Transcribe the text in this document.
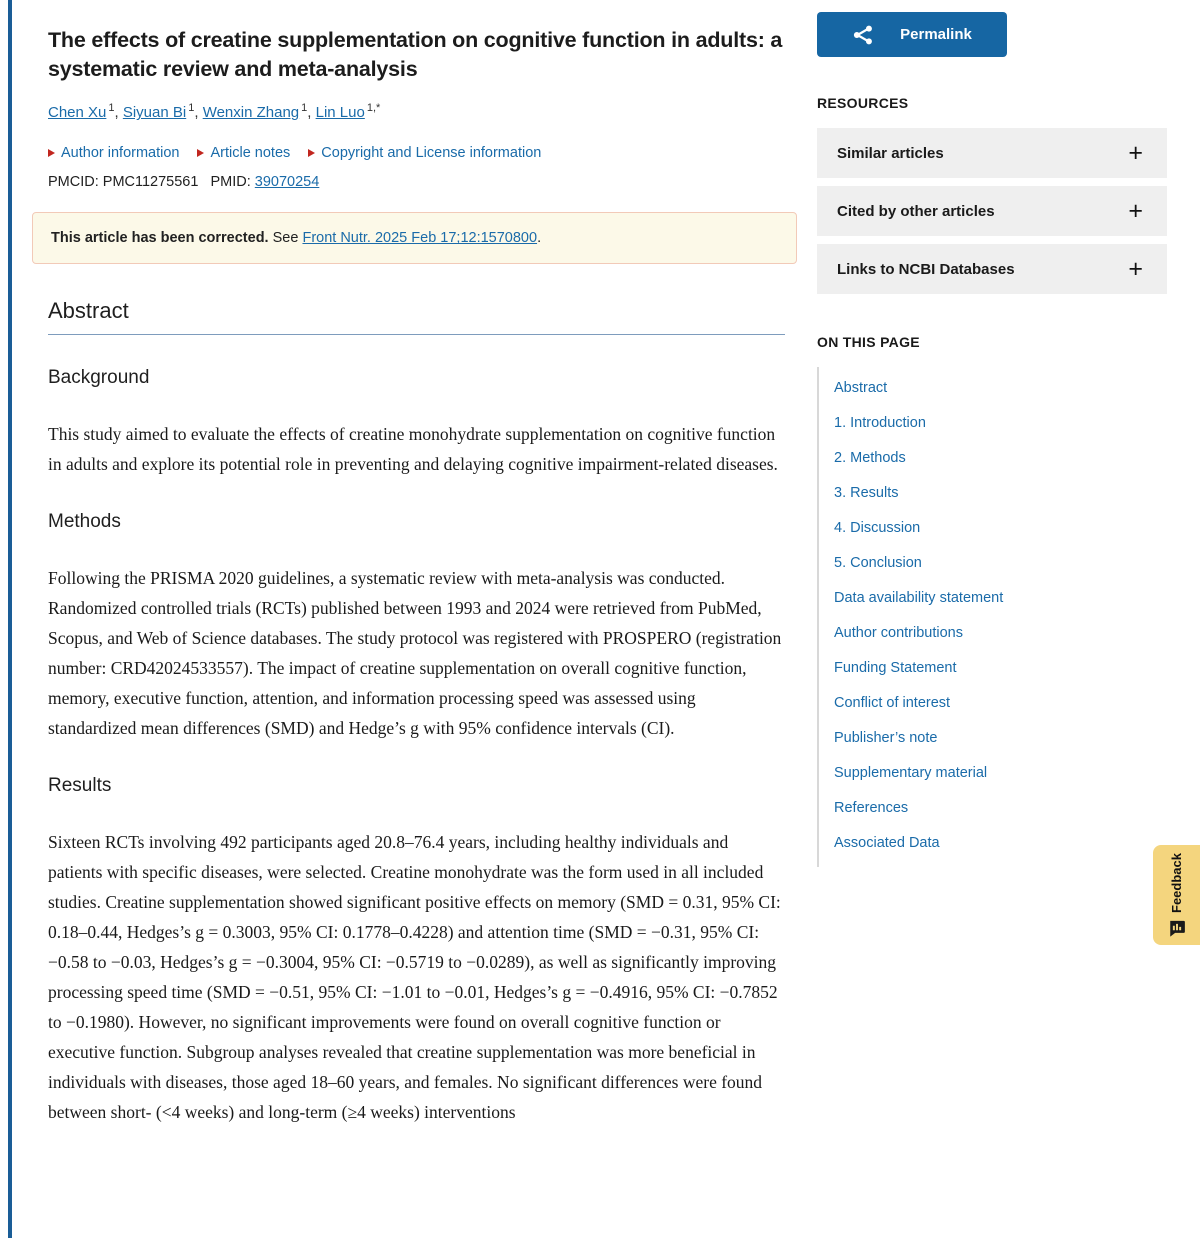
The effects of creatine supplementation on cognitive function in adults: a systematic review and meta-analysis
Chen Xu $^1$, Siyuan Bi $^1$, Wenxin Zhang $^1$, Lin Luo $^{1,*}$
Author information Article notes Copyright and License information
PMCID: PMC11275561 PMID: 39070254
This article has been corrected. See Front Nutr. 2025 Feb 17;12:1570800.
Abstract
Background

This study aimed to evaluate the effects of creatine monohydrate supplementation on cognitive function in adults and explore its potential role in preventing and delaying cognitive impairment-related diseases.

Methods

Following the PRISMA 2020 guidelines, a systematic review with meta-analysis was conducted. Randomized controlled trials (RCTs) published between 1993 and 2024 were retrieved from PubMed, Scopus, and Web of Science databases. The study protocol was registered with PROSPERO (registration number: CRD42024533557). The impact of creatine supplementation on overall cognitive function, memory, executive function, attention, and information processing speed was assessed using standardized mean differences (SMD) and Hedge’s g with 95% confidence intervals (CI).

Results

Sixteen RCTs involving 492 participants aged 20.8–76.4 years, including healthy individuals and patients with specific diseases, were selected. Creatine monohydrate was the form used in all included studies. Creatine supplementation showed significant positive effects on memory (SMD = 0.31, 95% CI: 0.18–0.44, Hedges’s g = 0.3003, 95% CI: 0.1778–0.4228) and attention time (SMD = −0.31, 95% CI: −0.58 to −0.03, Hedges’s g = −0.3004, 95% CI: −0.5719 to −0.0289), as well as significantly improving processing speed time (SMD = −0.51, 95% CI: −1.01 to −0.01, Hedges’s g = −0.4916, 95% CI: −0.7852 to −0.1980). However, no significant improvements were found on overall cognitive function or executive function. Subgroup analyses revealed that creatine supplementation was more beneficial in individuals with diseases, those aged 18–60 years, and females. No significant differences were found between short- (<4 weeks) and long-term (≥4 weeks) interventions

Permalink
RESOURCES
Similar articles	+
Cited by other articles	+
Links to NCBI Databases	+
ON THIS PAGE
Abstract
1. Introduction
2. Methods
3. Results
4. Discussion
5. Conclusion
Data availability statement
Author contributions
Funding Statement
Conflict of interest
Publisher’s note
Supplementary material
References
Associated Data
Feedback
